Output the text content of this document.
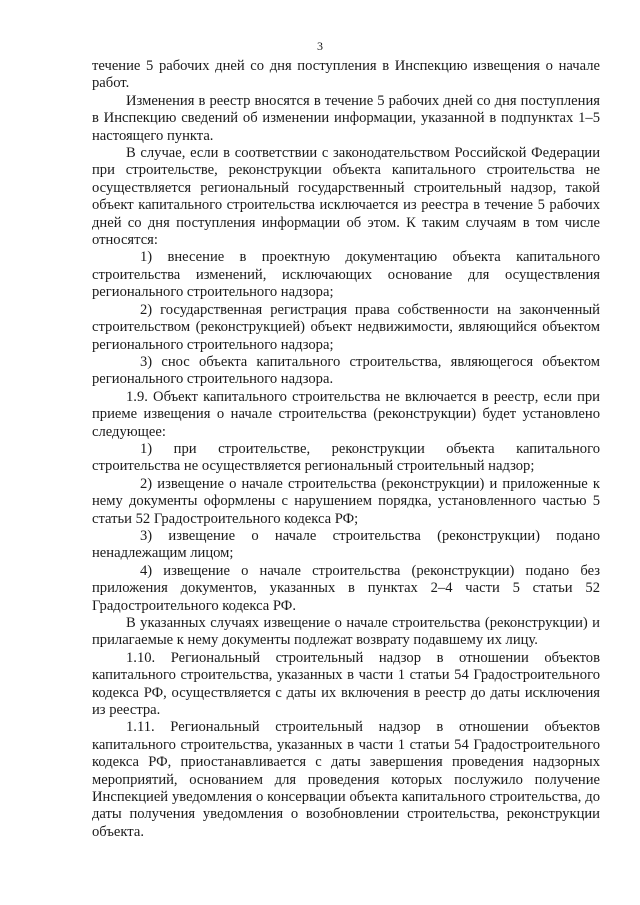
3

течение 5 рабочих дней со дня поступления в Инспекцию извещения о начале работ.

Изменения в реестр вносятся в течение 5 рабочих дней со дня поступления в Инспекцию сведений об изменении информации, указанной в подпунктах 1–5 настоящего пункта.

В случае, если в соответствии с законодательством Российской Федерации при строительстве, реконструкции объекта капитального строительства не осуществляется региональный государственный строительный надзор, такой объект капитального строительства исключается из реестра в течение 5 рабочих дней со дня поступления информации об этом. К таким случаям в том числе относятся:

1) внесение в проектную документацию объекта капитального строительства изменений, исключающих основание для осуществления регионального строительного надзора;

2) государственная регистрация права собственности на законченный строительством (реконструкцией) объект недвижимости, являющийся объектом регионального строительного надзора;

3) снос объекта капитального строительства, являющегося объектом регионального строительного надзора.

1.9. Объект капитального строительства не включается в реестр, если при приеме извещения о начале строительства (реконструкции) будет установлено следующее:

1) при строительстве, реконструкции объекта капитального строительства не осуществляется региональный строительный надзор;

2) извещение о начале строительства (реконструкции) и приложенные к нему документы оформлены с нарушением порядка, установленного частью 5 статьи 52 Градостроительного кодекса РФ;

3) извещение о начале строительства (реконструкции) подано ненадлежащим лицом;

4) извещение о начале строительства (реконструкции) подано без приложения документов, указанных в пунктах 2–4 части 5 статьи 52 Градостроительного кодекса РФ.

В указанных случаях извещение о начале строительства (реконструкции) и прилагаемые к нему документы подлежат возврату подавшему их лицу.

1.10. Региональный строительный надзор в отношении объектов капитального строительства, указанных в части 1 статьи 54 Градостроительного кодекса РФ, осуществляется с даты их включения в реестр до даты исключения из реестра.

1.11. Региональный строительный надзор в отношении объектов капитального строительства, указанных в части 1 статьи 54 Градостроительного кодекса РФ, приостанавливается с даты завершения проведения надзорных мероприятий, основанием для проведения которых послужило получение Инспекцией уведомления о консервации объекта капитального строительства, до даты получения уведомления о возобновлении строительства, реконструкции объекта.
